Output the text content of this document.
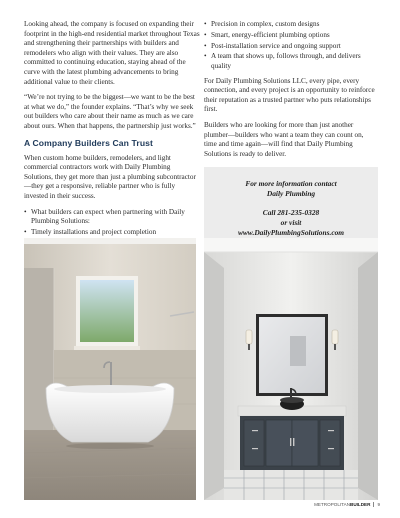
Looking ahead, the company is focused on expanding their footprint in the high-end residential market throughout Texas and strengthening their partnerships with builders and remodelers who align with their values. They are also committed to continuing education, staying ahead of the curve with the latest plumbing advancements to bring additional value to their clients.

“We’re not trying to be the biggest—we want to be the best at what we do,” the founder explains. “That’s why we seek out builders who care about their name as much as we care about ours. When that happens, the partnership just works.”

A Company Builders Can Trust

When custom home builders, remodelers, and light commercial contractors work with Daily Plumbing Solutions, they get more than just a plumbing subcontractor—they get a responsive, reliable partner who is fully invested in their success.

• What builders can expect when partnering with Daily Plumbing Solutions:
• Timely installations and project completion
•
• Precision in complex, custom designs
• Smart, energy-efficient plumbing options
• Post-installation service and ongoing support
• A team that shows up, follows through, and delivers quality

For Daily Plumbing Solutions LLC, every pipe, every connection, and every project is an opportunity to reinforce their reputation as a trusted partner who puts relationships first.

Builders who are looking for more than just another plumber—builders who want a team they can count on, time and time again—will find that Daily Plumbing Solutions is ready to deliver.

For more information contact
Daily Plumbing
Call 281-235-0328
or visit
www.DailyPlumbingSolutions.com
METROPOLITANBUILDER 9
